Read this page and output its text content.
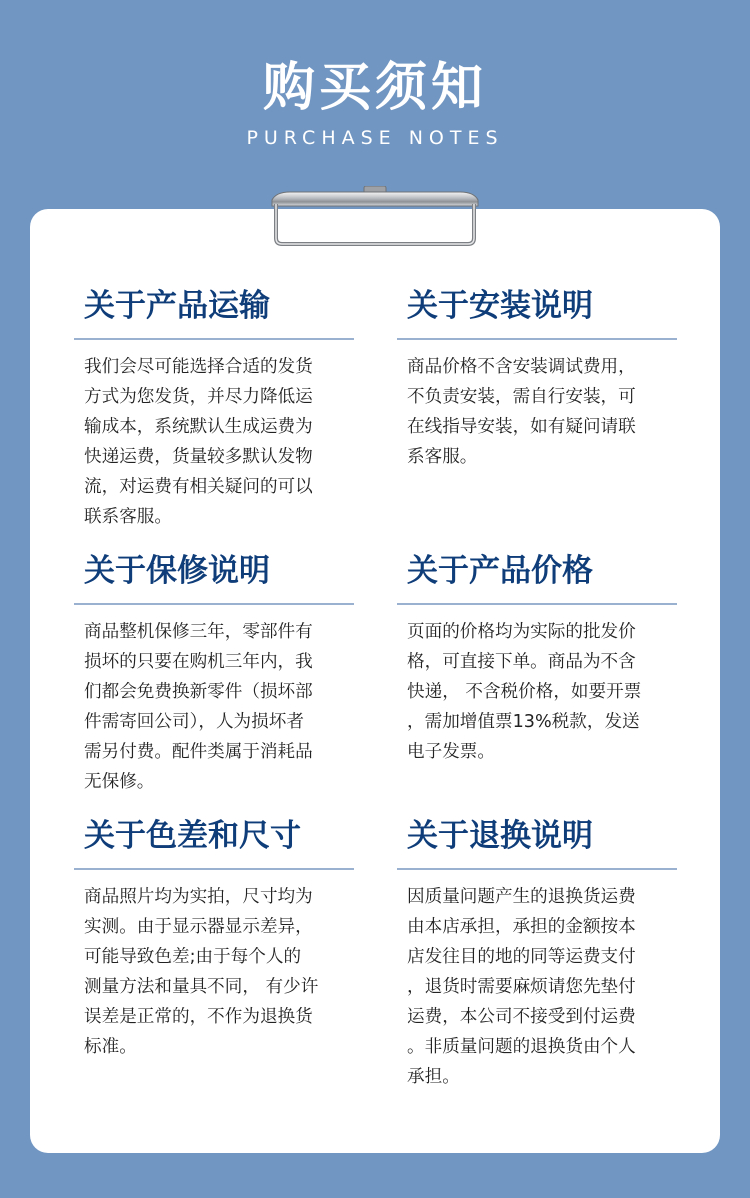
购买须知
PURCHASE NOTES
关于产品运输
我们会尽可能选择合适的发货
方式为您发货，并尽力降低运
输成本，系统默认生成运费为
快递运费，货量较多默认发物
流，对运费有相关疑问的可以
联系客服。
关于安装说明
商品价格不含安装调试费用，
不负责安装，需自行安装，可
在线指导安装，如有疑问请联
系客服。
关于保修说明
商品整机保修三年，零部件有
损坏的只要在购机三年内，我
们都会免费换新零件（损坏部
件需寄回公司），人为损坏者
需另付费。配件类属于消耗品
无保修。
关于产品价格
页面的价格均为实际的批发价
格，可直接下单。商品为不含
快递， 不含税价格，如要开票
，需加增值票13%税款，发送
电子发票。
关于色差和尺寸
商品照片均为实拍，尺寸均为
实测。由于显示器显示差异，
可能导致色差;由于每个人的
测量方法和量具不同， 有少许
误差是正常的，不作为退换货
标准。
关于退换说明
因质量问题产生的退换货运费
由本店承担，承担的金额按本
店发往目的地的同等运费支付
，退货时需要麻烦请您先垫付
运费，本公司不接受到付运费
。非质量问题的退换货由个人
承担。
